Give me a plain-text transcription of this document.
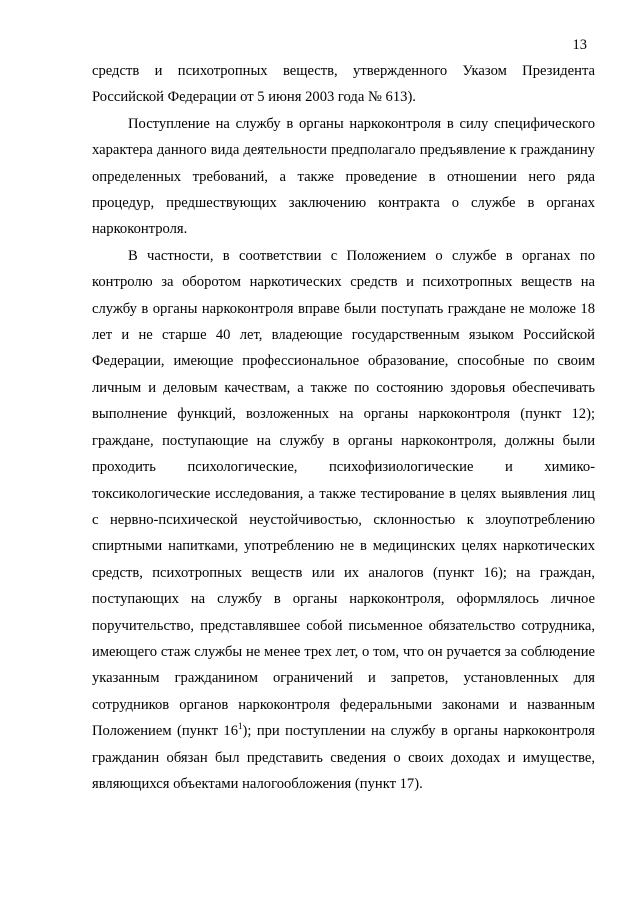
13

средств и психотропных веществ, утвержденного Указом Президента Российской Федерации от 5 июня 2003 года № 613).

Поступление на службу в органы наркоконтроля в силу специфического характера данного вида деятельности предполагало предъявление к гражданину определенных требований, а также проведение в отношении него ряда процедур, предшествующих заключению контракта о службе в органах наркоконтроля.

В частности, в соответствии с Положением о службе в органах по контролю за оборотом наркотических средств и психотропных веществ на службу в органы наркоконтроля вправе были поступать граждане не моложе 18 лет и не старше 40 лет, владеющие государственным языком Российской Федерации, имеющие профессиональное образование, способные по своим личным и деловым качествам, а также по состоянию здоровья обеспечивать выполнение функций, возложенных на органы наркоконтроля (пункт 12); граждане, поступающие на службу в органы наркоконтроля, должны были проходить психологические, психофизиологические и химико-токсикологические исследования, а также тестирование в целях выявления лиц с нервно-психической неустойчивостью, склонностью к злоупотреблению спиртными напитками, употреблению не в медицинских целях наркотических средств, психотропных веществ или их аналогов (пункт 16); на граждан, поступающих на службу в органы наркоконтроля, оформлялось личное поручительство, представлявшее собой письменное обязательство сотрудника, имеющего стаж службы не менее трех лет, о том, что он ручается за соблюдение указанным гражданином ограничений и запретов, установленных для сотрудников органов наркоконтроля федеральными законами и названным Положением (пункт $16^1$); при поступлении на службу в органы наркоконтроля гражданин обязан был представить сведения о своих доходах и имуществе, являющихся объектами налогообложения (пункт 17).
